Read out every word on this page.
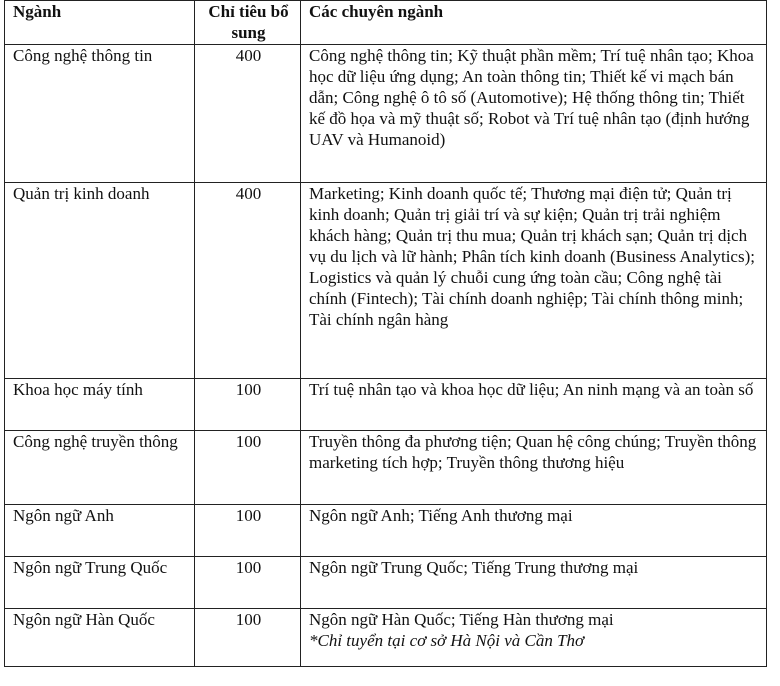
Ngành	Chỉ tiêu bổ sung	Các chuyên ngành
Công nghệ thông tin	400	Công nghệ thông tin; Kỹ thuật phần mềm; Trí tuệ nhân tạo; Khoa học dữ liệu ứng dụng; An toàn thông tin; Thiết kế vi mạch bán dẫn; Công nghệ ô tô số (Automotive); Hệ thống thông tin; Thiết kế đồ họa và mỹ thuật số; Robot và Trí tuệ nhân tạo (định hướng UAV và Humanoid)
Quản trị kinh doanh	400	Marketing; Kinh doanh quốc tế; Thương mại điện tử; Quản trị kinh doanh; Quản trị giải trí và sự kiện; Quản trị trải nghiệm khách hàng; Quản trị thu mua; Quản trị khách sạn; Quản trị dịch vụ du lịch và lữ hành; Phân tích kinh doanh (Business Analytics); Logistics và quản lý chuỗi cung ứng toàn cầu; Công nghệ tài chính (Fintech); Tài chính doanh nghiệp; Tài chính thông minh; Tài chính ngân hàng
Khoa học máy tính	100	Trí tuệ nhân tạo và khoa học dữ liệu; An ninh mạng và an toàn số
Công nghệ truyền thông	100	Truyền thông đa phương tiện; Quan hệ công chúng; Truyền thông marketing tích hợp; Truyền thông thương hiệu
Ngôn ngữ Anh	100	Ngôn ngữ Anh; Tiếng Anh thương mại
Ngôn ngữ Trung Quốc	100	Ngôn ngữ Trung Quốc; Tiếng Trung thương mại
Ngôn ngữ Hàn Quốc	100	Ngôn ngữ Hàn Quốc; Tiếng Hàn thương mại
*Chỉ tuyển tại cơ sở Hà Nội và Cần Thơ
